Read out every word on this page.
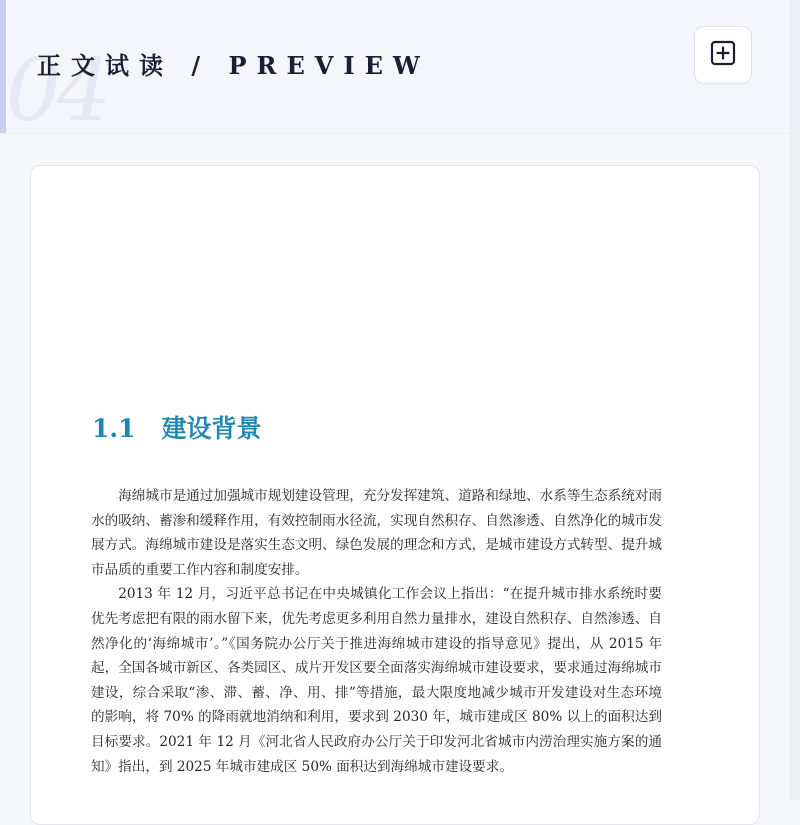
04
正文试读 / PREVIEW
1.1 建设背景

海绵城市是通过加强城市规划建设管理，充分发挥建筑、道路和绿地、水系等生态系统对雨水的吸纳、蓄渗和缓释作用，有效控制雨水径流，实现自然积存、自然渗透、自然净化的城市发展方式。海绵城市建设是落实生态文明、绿色发展的理念和方式，是城市建设方式转型、提升城市品质的重要工作内容和制度安排。

2013 年 12 月，习近平总书记在中央城镇化工作会议上指出：“在提升城市排水系统时要优先考虑把有限的雨水留下来，优先考虑更多利用自然力量排水，建设自然积存、自然渗透、自然净化的‘海绵城市’。”《国务院办公厅关于推进海绵城市建设的指导意见》提出，从 2015 年起，全国各城市新区、各类园区、成片开发区要全面落实海绵城市建设要求，要求通过海绵城市建设，综合采取“渗、滞、蓄、净、用、排”等措施，最大限度地减少城市开发建设对生态环境的影响，将 70% 的降雨就地消纳和利用，要求到 2030 年，城市建成区 80% 以上的面积达到目标要求。2021 年 12 月《河北省人民政府办公厅关于印发河北省城市内涝治理实施方案的通知》指出，到 2025 年城市建成区 50% 面积达到海绵城市建设要求。
